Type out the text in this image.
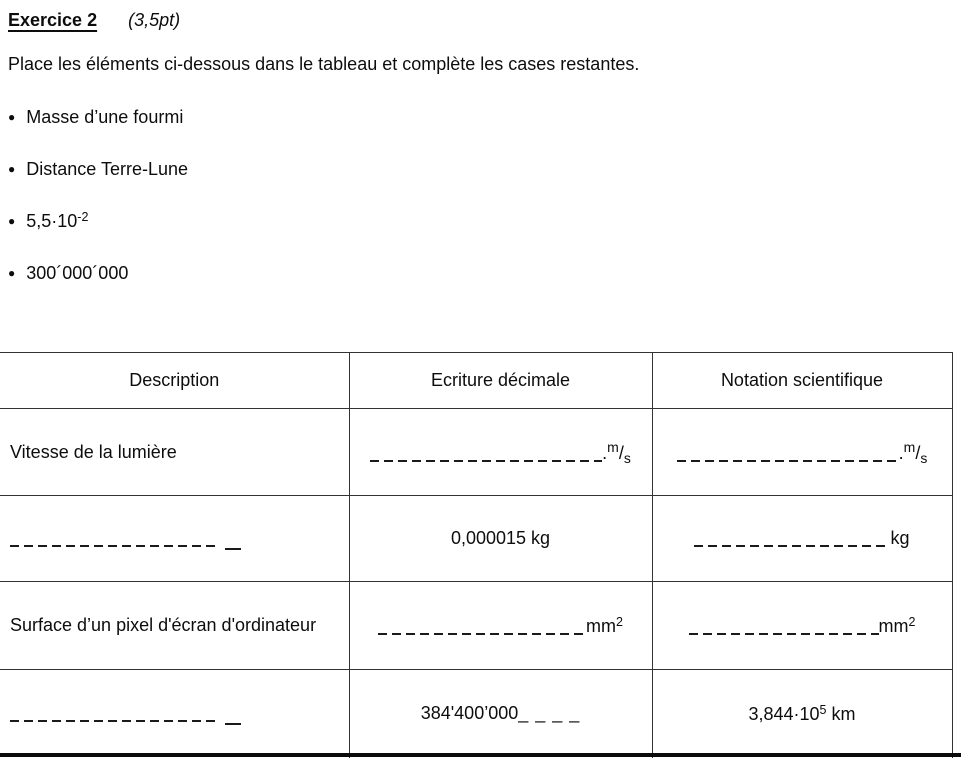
Exercice 2 (3,5pt)
Place les éléments ci-dessous dans le tableau et complète les cases restantes.
● Masse d’une fourmi
● Distance Terre-Lune
● $5,5\cdot 10^{-2}$
● 300´000´000
Description	Ecriture décimale	Notation scientifique
Vitesse de la lumière	$.^m/_s$	$.^m/_s$
	0,000015 kg	kg
Surface d’un pixel d'écran d'ordinateur	$mm^2$	$mm^2$
	384'400’000_ _ _ _	$3,844\cdot 10^5$ km
